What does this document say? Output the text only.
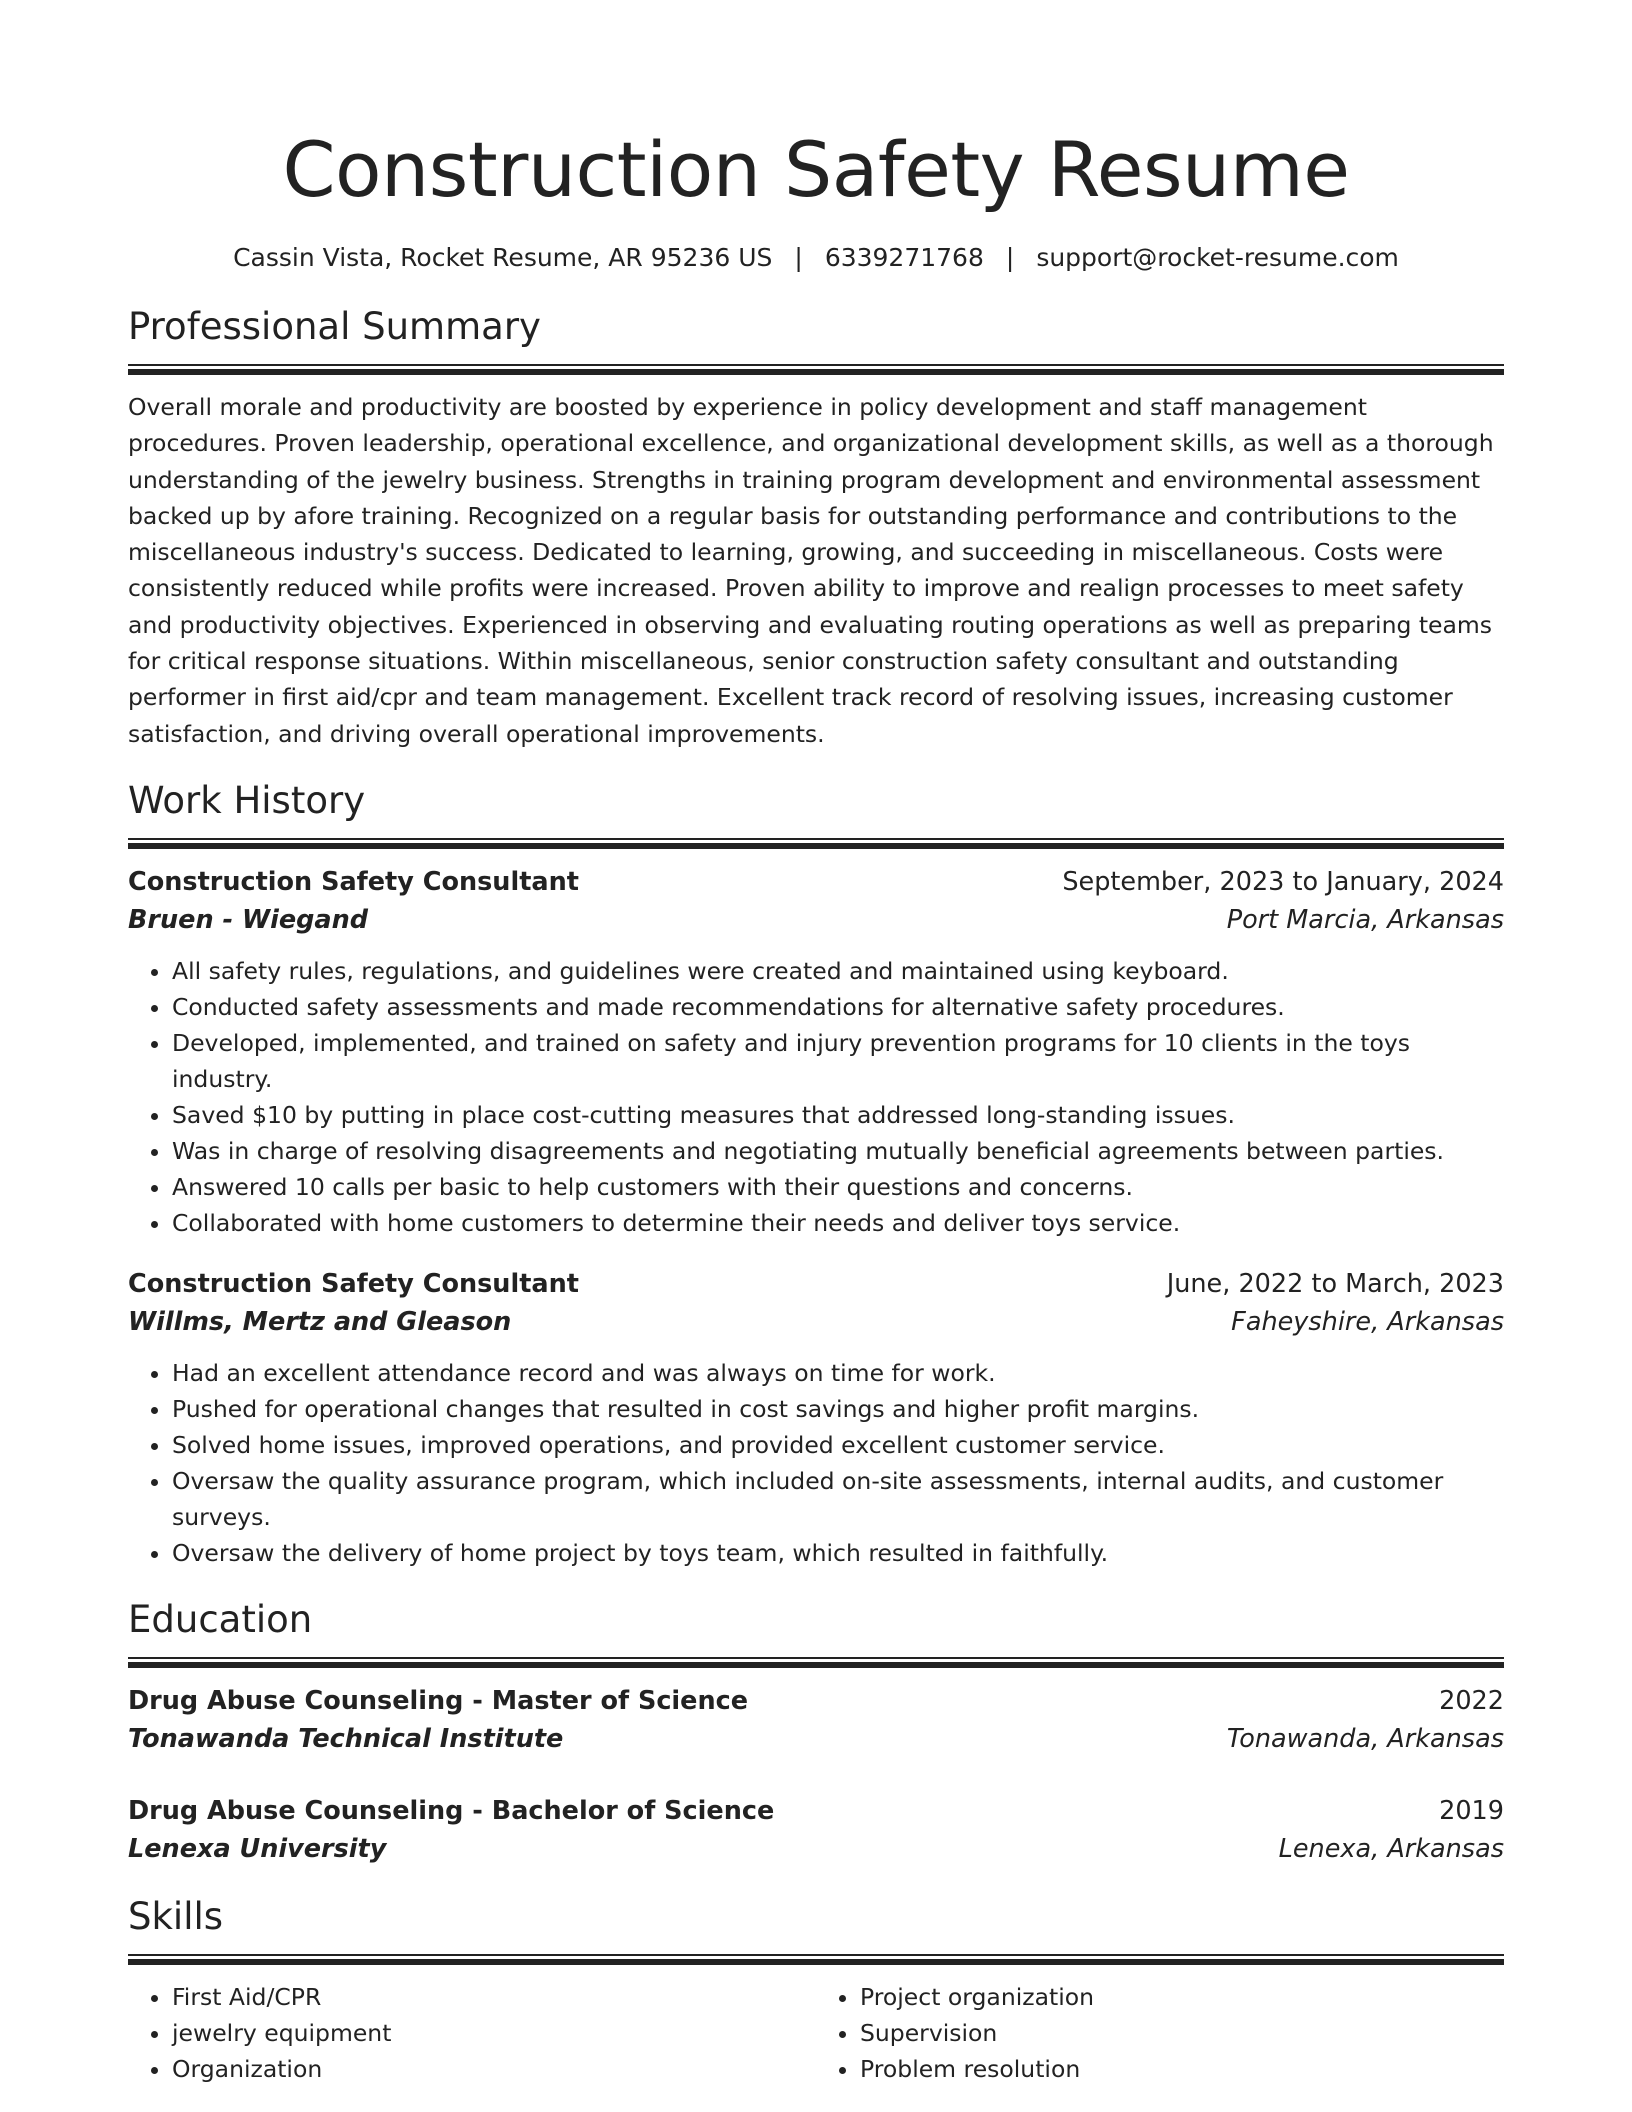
Construction Safety Resume
Cassin Vista, Rocket Resume, AR 95236 US | 6339271768 | support@rocket-resume.com
Professional Summary

Overall morale and productivity are boosted by experience in policy development and staff management procedures. Proven leadership, operational excellence, and organizational development skills, as well as a thorough understanding of the jewelry business. Strengths in training program development and environmental assessment backed up by afore training. Recognized on a regular basis for outstanding performance and contributions to the miscellaneous industry's success. Dedicated to learning, growing, and succeeding in miscellaneous. Costs were consistently reduced while profits were increased. Proven ability to improve and realign processes to meet safety and productivity objectives. Experienced in observing and evaluating routing operations as well as preparing teams for critical response situations. Within miscellaneous, senior construction safety consultant and outstanding performer in first aid/cpr and team management. Excellent track record of resolving issues, increasing customer satisfaction, and driving overall operational improvements.

Work History
Construction Safety Consultant	September, 2023 to January, 2024
Bruen - Wiegand	Port Marcia, Arkansas
• All safety rules, regulations, and guidelines were created and maintained using keyboard.
• Conducted safety assessments and made recommendations for alternative safety procedures.
• Developed, implemented, and trained on safety and injury prevention programs for 10 clients in the toys industry.
• Saved $10 by putting in place cost-cutting measures that addressed long-standing issues.
• Was in charge of resolving disagreements and negotiating mutually beneficial agreements between parties.
• Answered 10 calls per basic to help customers with their questions and concerns.
• Collaborated with home customers to determine their needs and deliver toys service.
Construction Safety Consultant	June, 2022 to March, 2023
Willms, Mertz and Gleason	Faheyshire, Arkansas
• Had an excellent attendance record and was always on time for work.
• Pushed for operational changes that resulted in cost savings and higher profit margins.
• Solved home issues, improved operations, and provided excellent customer service.
• Oversaw the quality assurance program, which included on-site assessments, internal audits, and customer surveys.
• Oversaw the delivery of home project by toys team, which resulted in faithfully.
Education
Drug Abuse Counseling - Master of Science	2022
Tonawanda Technical Institute	Tonawanda, Arkansas
Drug Abuse Counseling - Bachelor of Science	2019
Lenexa University	Lenexa, Arkansas
Skills
• First Aid/CPR
• jewelry equipment
• Organization
• Project organization
• Supervision
• Problem resolution
